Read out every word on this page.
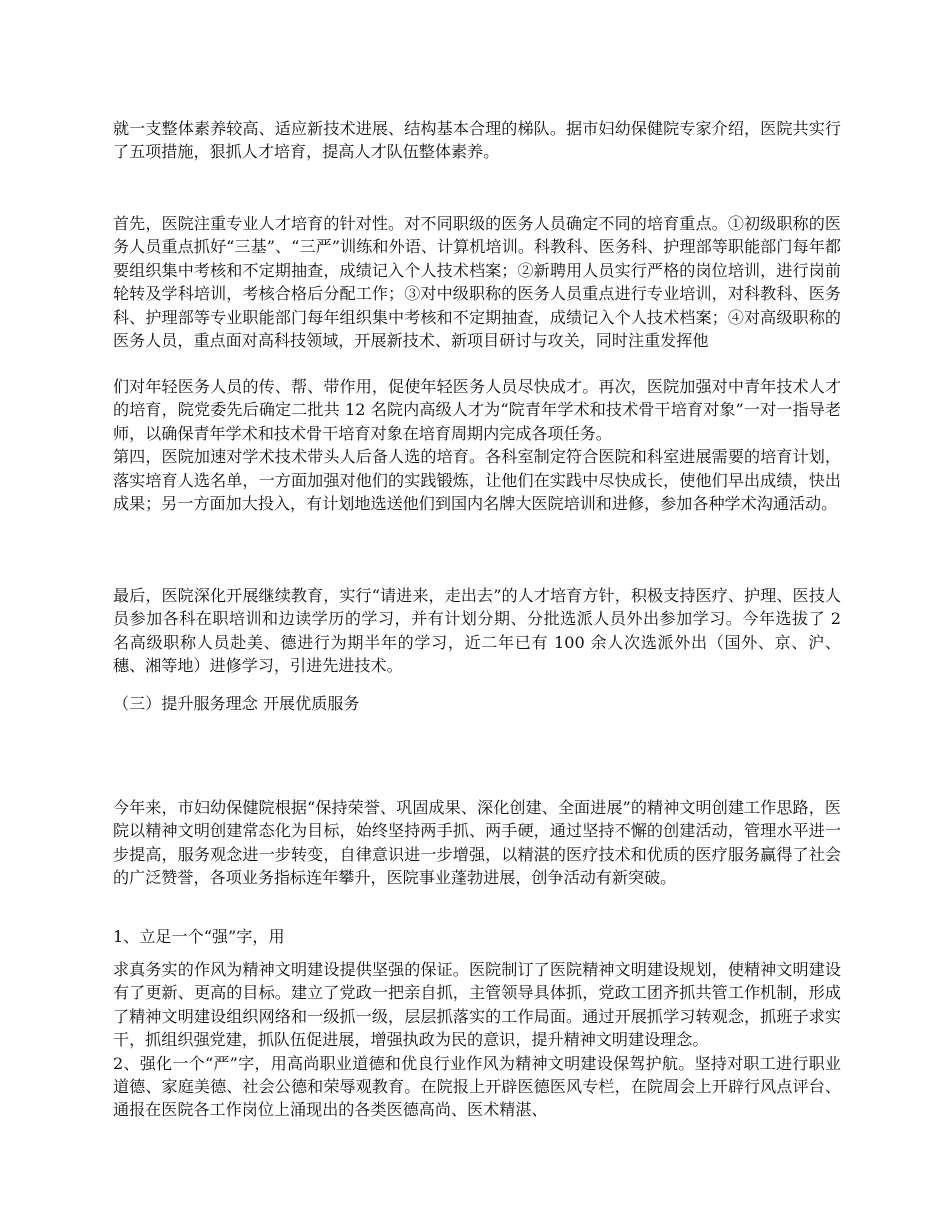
就一支整体素养较高、适应新技术进展、结构基本合理的梯队。据市妇幼保健院专家介绍，医院共实行了五项措施，狠抓人才培育，提高人才队伍整体素养。

首先，医院注重专业人才培育的针对性。对不同职级的医务人员确定不同的培育重点。①初级职称的医务人员重点抓好“三基”、“三严”训练和外语、计算机培训。科教科、医务科、护理部等职能部门每年都要组织集中考核和不定期抽查，成绩记入个人技术档案；②新聘用人员实行严格的岗位培训，进行岗前轮转及学科培训，考核合格后分配工作；③对中级职称的医务人员重点进行专业培训，对科教科、医务科、护理部等专业职能部门每年组织集中考核和不定期抽查，成绩记入个人技术档案；④对高级职称的医务人员，重点面对高科技领域，开展新技术、新项目研讨与攻关，同时注重发挥他

们对年轻医务人员的传、帮、带作用，促使年轻医务人员尽快成才。再次，医院加强对中青年技术人才的培育，院党委先后确定二批共 12 名院内高级人才为“院青年学术和技术骨干培育对象”一对一指导老师，以确保青年学术和技术骨干培育对象在培育周期内完成各项任务。
第四，医院加速对学术技术带头人后备人选的培育。各科室制定符合医院和科室进展需要的培育计划，落实培育人选名单，一方面加强对他们的实践锻炼，让他们在实践中尽快成长，使他们早出成绩，快出成果；另一方面加大投入，有计划地选送他们到国内名牌大医院培训和进修，参加各种学术沟通活动。

最后，医院深化开展继续教育，实行“请进来，走出去”的人才培育方针，积极支持医疗、护理、医技人员参加各科在职培训和边读学历的学习，并有计划分期、分批选派人员外出参加学习。今年选拔了 2 名高级职称人员赴美、德进行为期半年的学习，近二年已有 100 余人次选派外出（国外、京、沪、穗、湘等地）进修学习，引进先进技术。

（三）提升服务理念 开展优质服务

今年来，市妇幼保健院根据“保持荣誉、巩固成果、深化创建、全面进展”的精神文明创建工作思路，医院以精神文明创建常态化为目标，始终坚持两手抓、两手硬，通过坚持不懈的创建活动，管理水平进一步提高，服务观念进一步转变，自律意识进一步增强，以精湛的医疗技术和优质的医疗服务赢得了社会的广泛赞誉，各项业务指标连年攀升，医院事业蓬勃进展，创争活动有新突破。

1、立足一个“强”字，用

求真务实的作风为精神文明建设提供坚强的保证。医院制订了医院精神文明建设规划，使精神文明建设有了更新、更高的目标。建立了党政一把亲自抓，主管领导具体抓，党政工团齐抓共管工作机制，形成了精神文明建设组织网络和一级抓一级，层层抓落实的工作局面。通过开展抓学习转观念，抓班子求实干，抓组织强党建，抓队伍促进展，增强执政为民的意识，提升精神文明建设理念。
2、强化一个“严”字，用高尚职业道德和优良行业作风为精神文明建设保驾护航。坚持对职工进行职业道德、家庭美德、社会公德和荣辱观教育。在院报上开辟医德医风专栏，在院周会上开辟行风点评台、通报在医院各工作岗位上涌现出的各类医德高尚、医术精湛、
